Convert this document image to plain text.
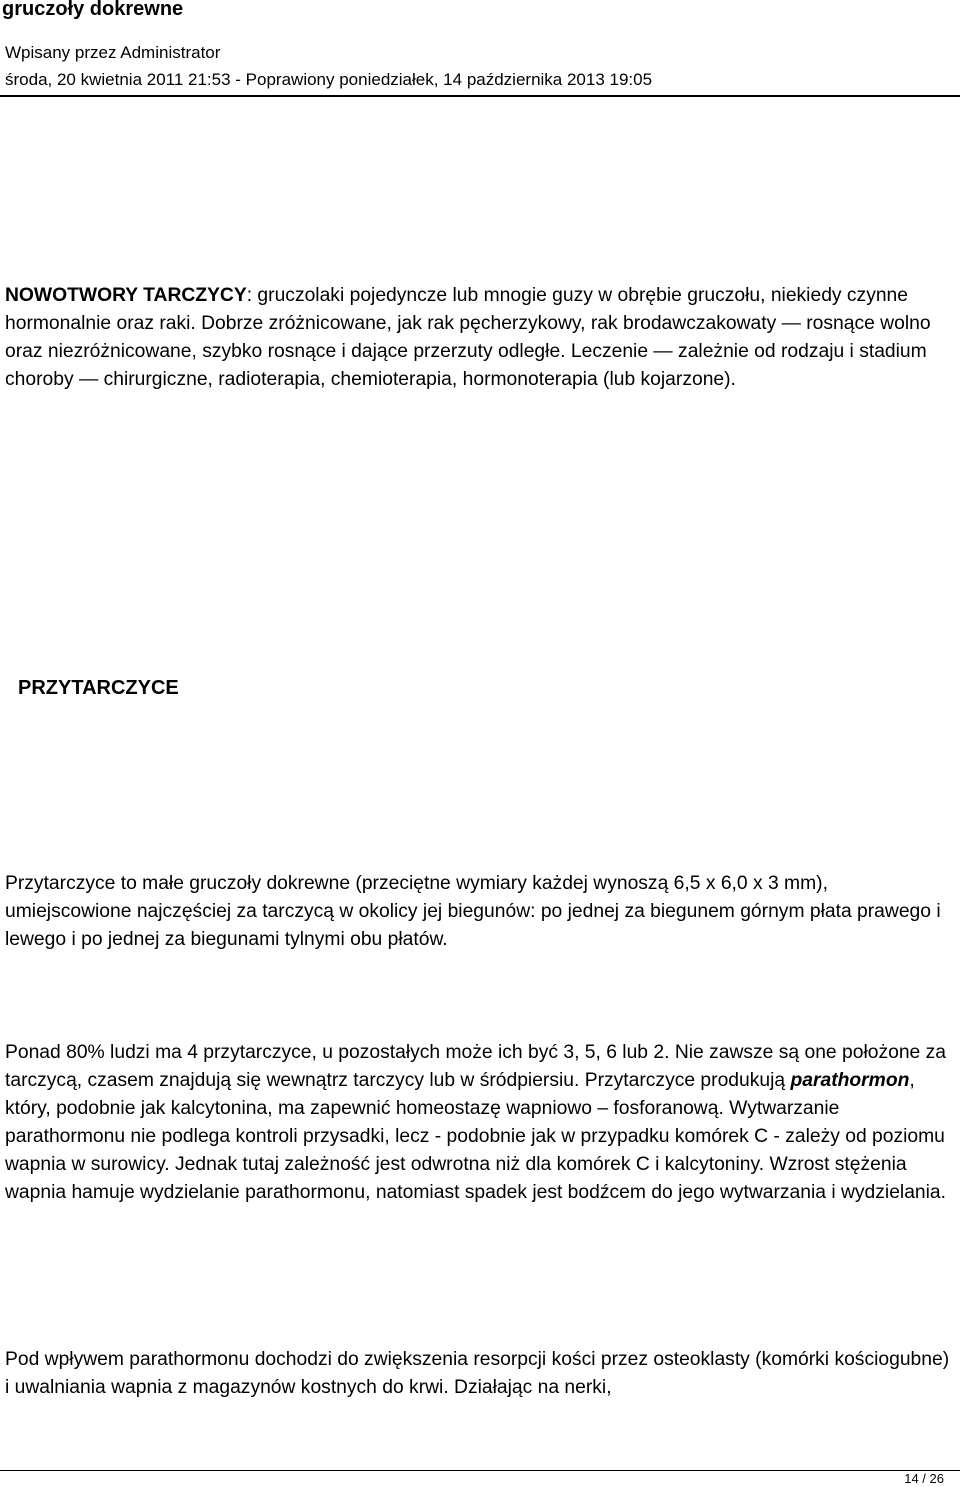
gruczoły dokrewne
Wpisany przez Administrator
środa, 20 kwietnia 2011 21:53 - Poprawiony poniedziałek, 14 października 2013 19:05

NOWOTWORY TARCZYCY: gruczolaki pojedyncze lub mnogie guzy w obrębie gruczołu, niekiedy czynne hormonalnie oraz raki. Dobrze zróżnicowane, jak rak pęcherzykowy, rak brodawczakowaty — rosnące wolno oraz niezróżnicowane, szybko rosnące i dające przerzuty odległe. Leczenie — zależnie od rodzaju i stadium choroby — chirurgiczne, radioterapia, chemioterapia, hormonoterapia (lub kojarzone).

PRZYTARCZYCE

Przytarczyce to małe gruczoły dokrewne (przeciętne wymiary każdej wynoszą 6,5 x 6,0 x 3 mm), umiejscowione najczęściej za tarczycą w okolicy jej biegunów: po jednej za biegunem górnym płata prawego i lewego i po jednej za biegunami tylnymi obu płatów.

Ponad 80% ludzi ma 4 przytarczyce, u pozostałych może ich być 3, 5, 6 lub 2. Nie zawsze są one położone za tarczycą, czasem znajdują się wewnątrz tarczycy lub w śródpiersiu. Przytarczyce produkują parathormon, który, podobnie jak kalcytonina, ma zapewnić homeostazę wapniowo – fosforanową. Wytwarzanie parathormonu nie podlega kontroli przysadki, lecz - podobnie jak w przypadku komórek C - zależy od poziomu wapnia w surowicy. Jednak tutaj zależność jest odwrotna niż dla komórek C i kalcytoniny. Wzrost stężenia wapnia hamuje wydzielanie parathormonu, natomiast spadek jest bodźcem do jego wytwarzania i wydzielania.

Pod wpływem parathormonu dochodzi do zwiększenia resorpcji kości przez osteoklasty (komórki kościogubne) i uwalniania wapnia z magazynów kostnych do krwi. Działając na nerki,

14 / 26
